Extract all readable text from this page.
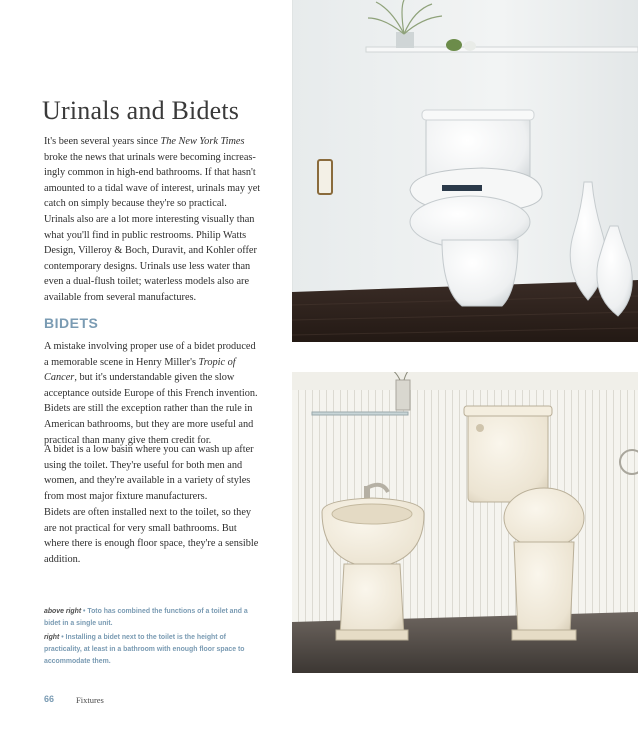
Urinals and Bidets

It's been several years since The New York Times broke the news that urinals were becoming increas-ingly common in high-end bathrooms. If that hasn't amounted to a tidal wave of interest, urinals may yet catch on simply because they're so practical.

Urinals also are a lot more interesting visually than what you'll find in public restrooms. Philip Watts Design, Villeroy & Boch, Duravit, and Kohler offer contemporary designs. Urinals use less water than even a dual-flush toilet; waterless models also are available from several manufactures.

BIDETS

A mistake involving proper use of a bidet produced a memorable scene in Henry Miller's Tropic of Cancer, but it's understandable given the slow acceptance outside Europe of this French invention. Bidets are still the exception rather than the rule in American bathrooms, but they are more useful and practical than many give them credit for.

A bidet is a low basin where you can wash up after using the toilet. They're useful for both men and women, and they're available in a variety of styles from most major fixture manufacturers.

Bidets are often installed next to the toilet, so they are not practical for very small bathrooms. But where there is enough floor space, they're a sensible addition.

above right • Toto has combined the functions of a toilet and a bidet in a single unit.

right • Installing a bidet next to the toilet is the height of practicality, at least in a bathroom with enough floor space to accommodate them.

66	Fixtures
